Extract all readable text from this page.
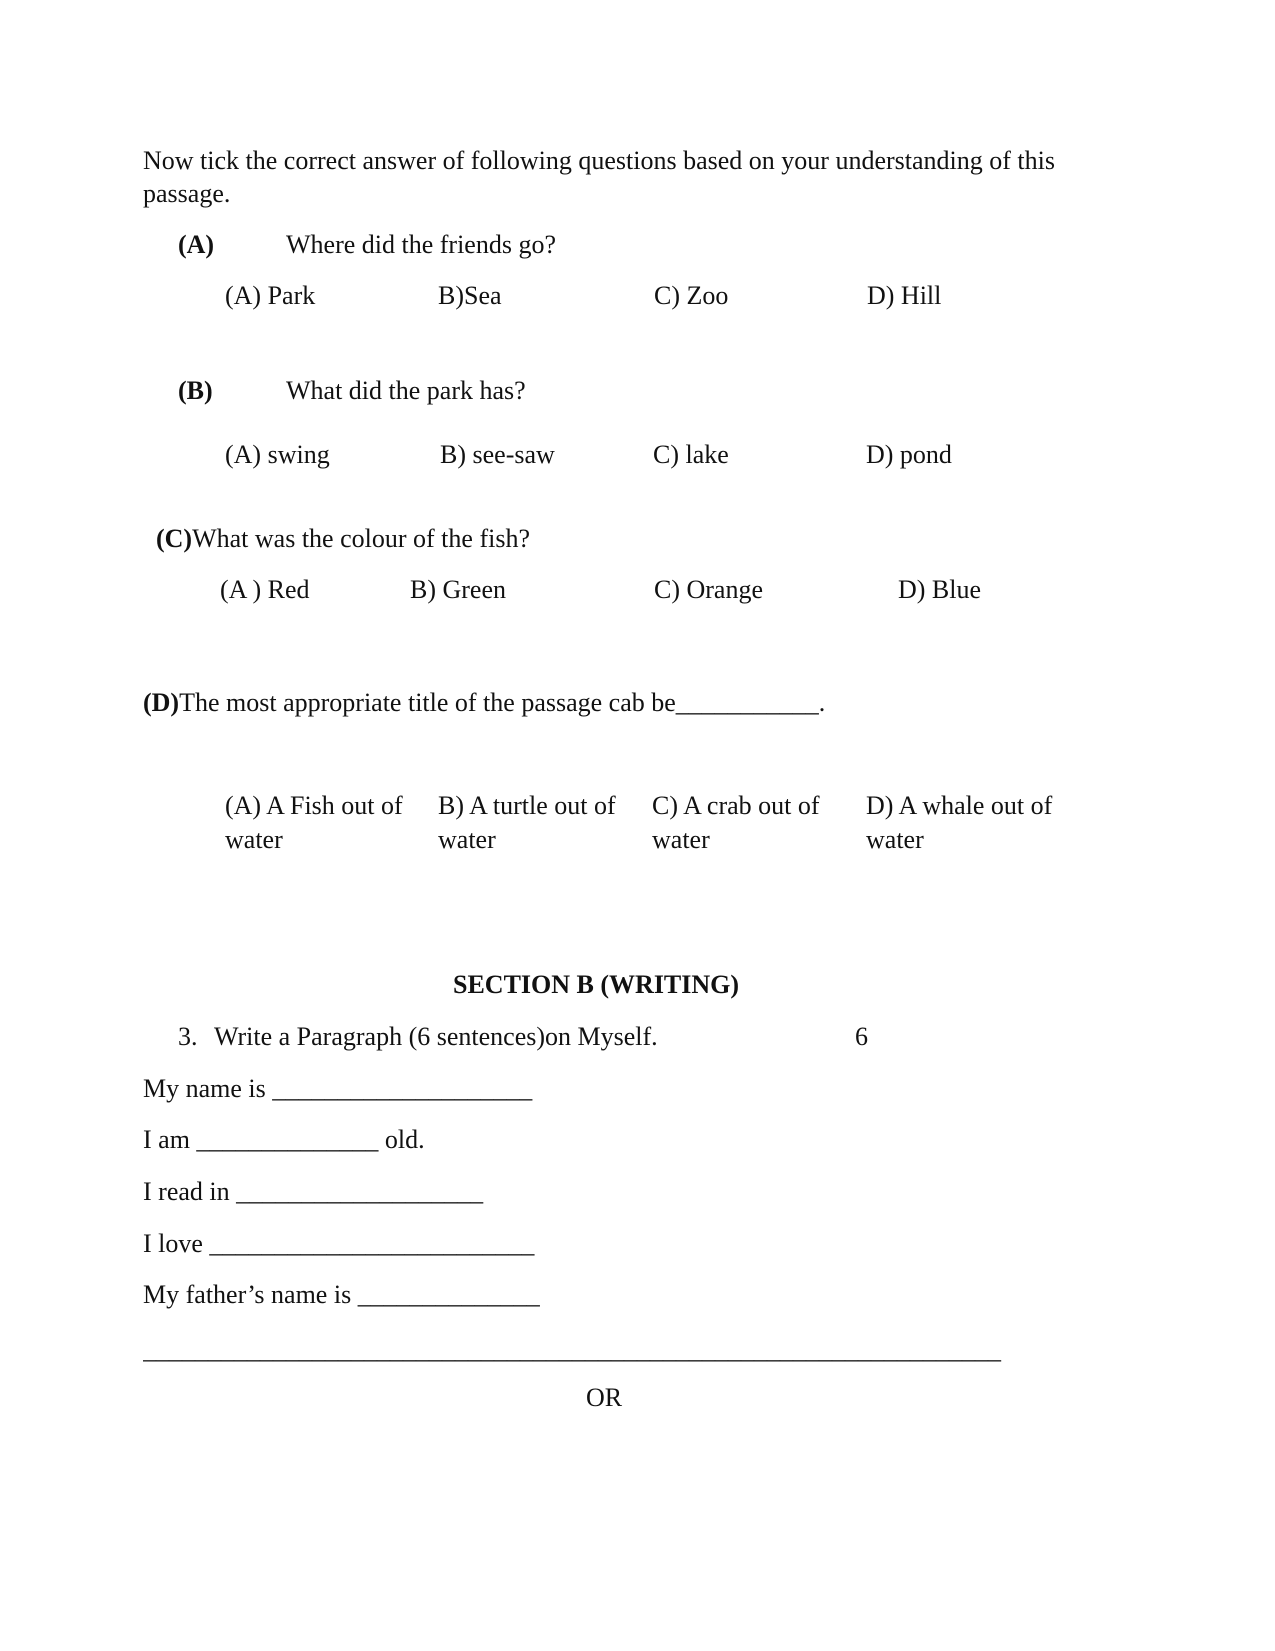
Now tick the correct answer of following questions based on your understanding of this passage.
(A)	Where did the friends go?
(A) Park	B)Sea	C) Zoo	D) Hill
(B)	What did the park has?
(A) swing	B) see-saw	C) lake	D) pond
(C)What was the colour of the fish?
(A ) Red	B) Green	C) Orange	D) Blue
(D)The most appropriate title of the passage cab be___________.
(A) A Fish out of water
B) A turtle out of water
C) A crab out of water
D) A whale out of water
SECTION B (WRITING)
3. Write a Paragraph (6 sentences)on Myself.	6
My name is ____________________
I am ______________ old.
I read in ___________________
I love _________________________
My father’s name is ______________
__________________________________________________________________
OR
